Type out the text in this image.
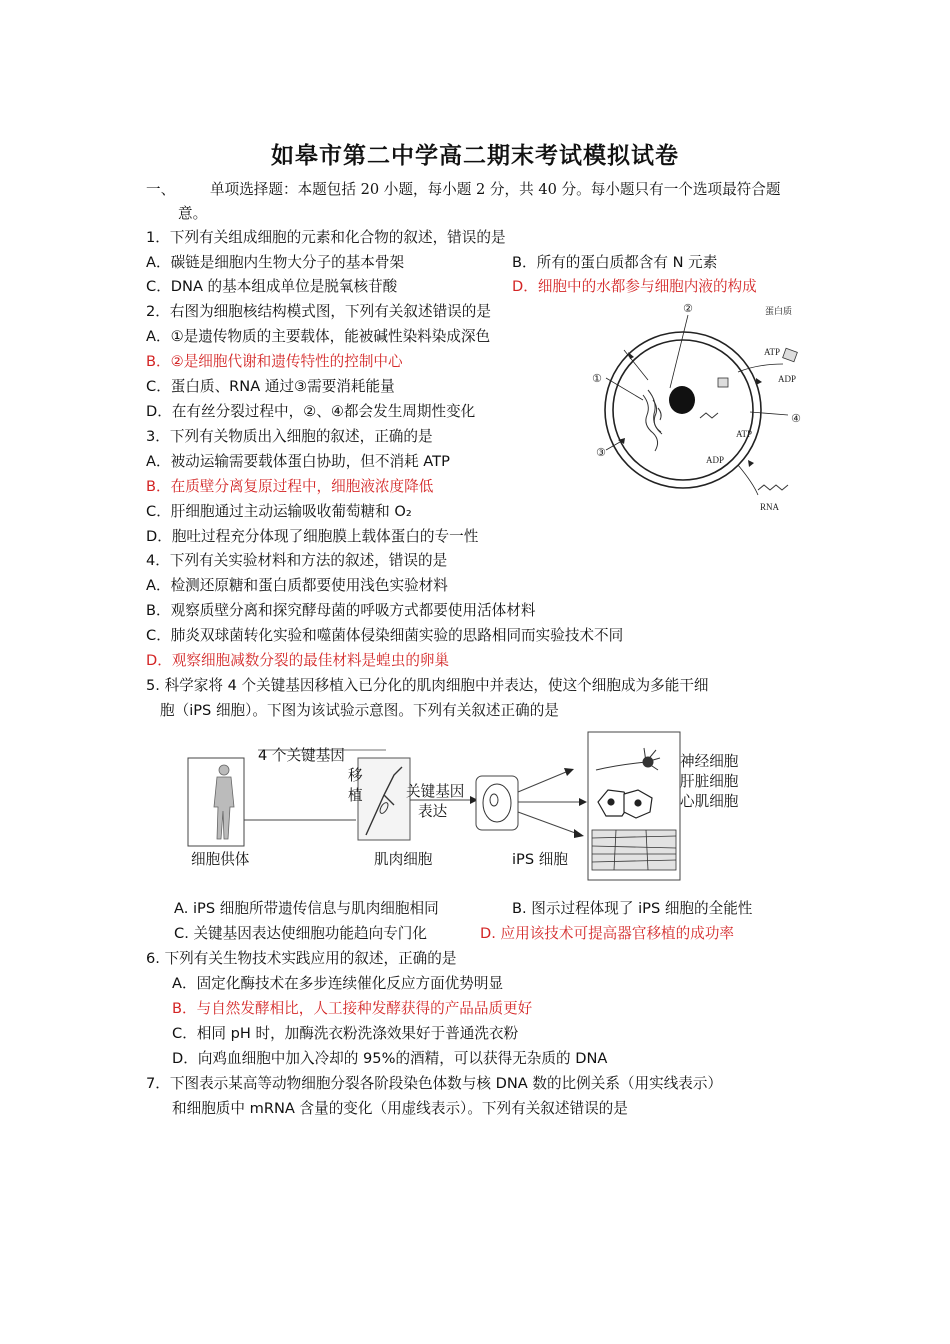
如皋市第二中学高二期末考试模拟试卷
一、 单项选择题：本题包括 20 小题，每小题 2 分，共 40 分。每小题只有一个选项最符合题
意。
1．下列有关组成细胞的元素和化合物的叙述，错误的是
A．碳链是细胞内生物大分子的基本骨架	B．所有的蛋白质都含有 N 元素
C．DNA 的基本组成单位是脱氧核苷酸	D．细胞中的水都参与细胞内液的构成
2．右图为细胞核结构模式图，下列有关叙述错误的是
A．①是遗传物质的主要载体，能被碱性染料染成深色
B．②是细胞代谢和遗传特性的控制中心
C．蛋白质、RNA 通过③需要消耗能量
D．在有丝分裂过程中，②、④都会发生周期性变化
蛋白质
ATP
ADP
ATP
ADP
RNA
②
①
③
④
3．下列有关物质出入细胞的叙述，正确的是
A．被动运输需要载体蛋白协助，但不消耗 ATP
B．在质壁分离复原过程中，细胞液浓度降低
C．肝细胞通过主动运输吸收葡萄糖和 O₂
D．胞吐过程充分体现了细胞膜上载体蛋白的专一性
4．下列有关实验材料和方法的叙述，错误的是
A．检测还原糖和蛋白质都要使用浅色实验材料
B．观察质壁分离和探究酵母菌的呼吸方式都要使用活体材料
C．肺炎双球菌转化实验和噬菌体侵染细菌实验的思路相同而实验技术不同
D．观察细胞减数分裂的最佳材料是蝗虫的卵巢
5. 科学家将 4 个关键基因移植入已分化的肌肉细胞中并表达，使这个细胞成为多能干细
胞（iPS 细胞）。下图为该试验示意图。下列有关叙述正确的是
4 个关键基因
移
植	关键基因
表达
细胞供体	肌肉细胞	iPS 细胞
神经细胞
肝脏细胞
心肌细胞
A. iPS 细胞所带遗传信息与肌肉细胞相同	B. 图示过程体现了 iPS 细胞的全能性
C. 关键基因表达使细胞功能趋向专门化	D. 应用该技术可提高器官移植的成功率
6. 下列有关生物技术实践应用的叙述，正确的是
A．固定化酶技术在多步连续催化反应方面优势明显
B．与自然发酵相比，人工接种发酵获得的产品品质更好
C．相同 pH 时，加酶洗衣粉洗涤效果好于普通洗衣粉
D．向鸡血细胞中加入冷却的 95%的酒精，可以获得无杂质的 DNA
7．下图表示某高等动物细胞分裂各阶段染色体数与核 DNA 数的比例关系（用实线表示）
和细胞质中 mRNA 含量的变化（用虚线表示）。下列有关叙述错误的是
